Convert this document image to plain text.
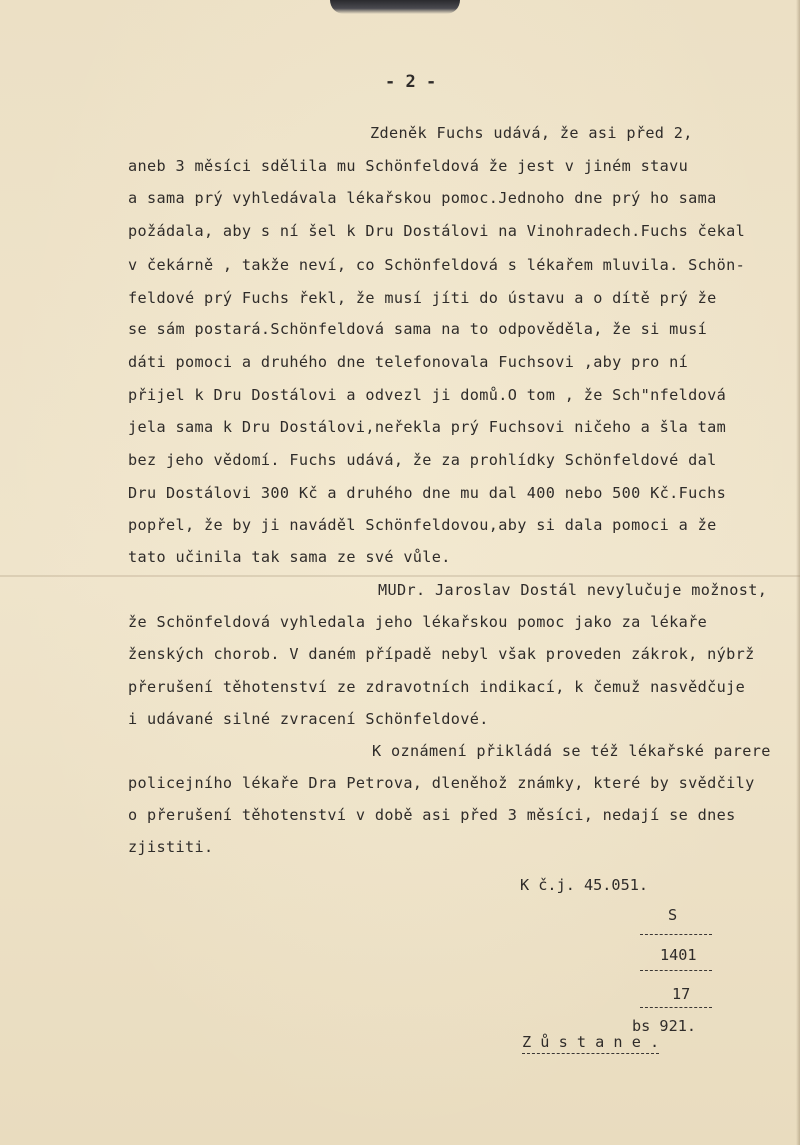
- 2 -
Zdeněk Fuchs udává, že asi před 2,
aneb 3 měsíci sdělila mu Schönfeldová že jest v jiném stavu
a sama prý vyhledávala lékařskou pomoc.Jednoho dne prý ho sama
požádala, aby s ní šel k Dru Dostálovi na Vinohradech.Fuchs čekal
v čekárně , takže neví, co Schönfeldová s lékařem mluvila. Schön-
feldové prý Fuchs řekl, že musí jíti do ústavu a o dítě prý že
se sám postará.Schönfeldová sama na to odpověděla, že si musí
dáti pomoci a druhého dne telefonovala Fuchsovi ,aby pro ní
přijel k Dru Dostálovi a odvezl ji domů.O tom , že Sch"nfeldová
jela sama k Dru Dostálovi,neřekla prý Fuchsovi ničeho a šla tam
bez jeho vědomí. Fuchs udává, že za prohlídky Schönfeldové dal
Dru Dostálovi 300 Kč a druhého dne mu dal 400 nebo 500 Kč.Fuchs
popřel, že by ji naváděl Schönfeldovou,aby si dala pomoci a že
tato učinila tak sama ze své vůle.
MUDr. Jaroslav Dostál nevylučuje možnost,
že Schönfeldová vyhledala jeho lékařskou pomoc jako za lékaře
ženských chorob. V daném případě nebyl však proveden zákrok, nýbrž
přerušení těhotenství ze zdravotních indikací, k čemuž nasvědčuje
i udávané silné zvracení Schönfeldové.
K oznámení přikládá se též lékařské parere
policejního lékaře Dra Petrova, dleněhož známky, které by svědčily
o přerušení těhotenství v době asi před 3 měsíci, nedají se dnes
zjistiti.
K č.j. 45.051.
S
1401
17
bs 921.
Z ů s t a n e .
